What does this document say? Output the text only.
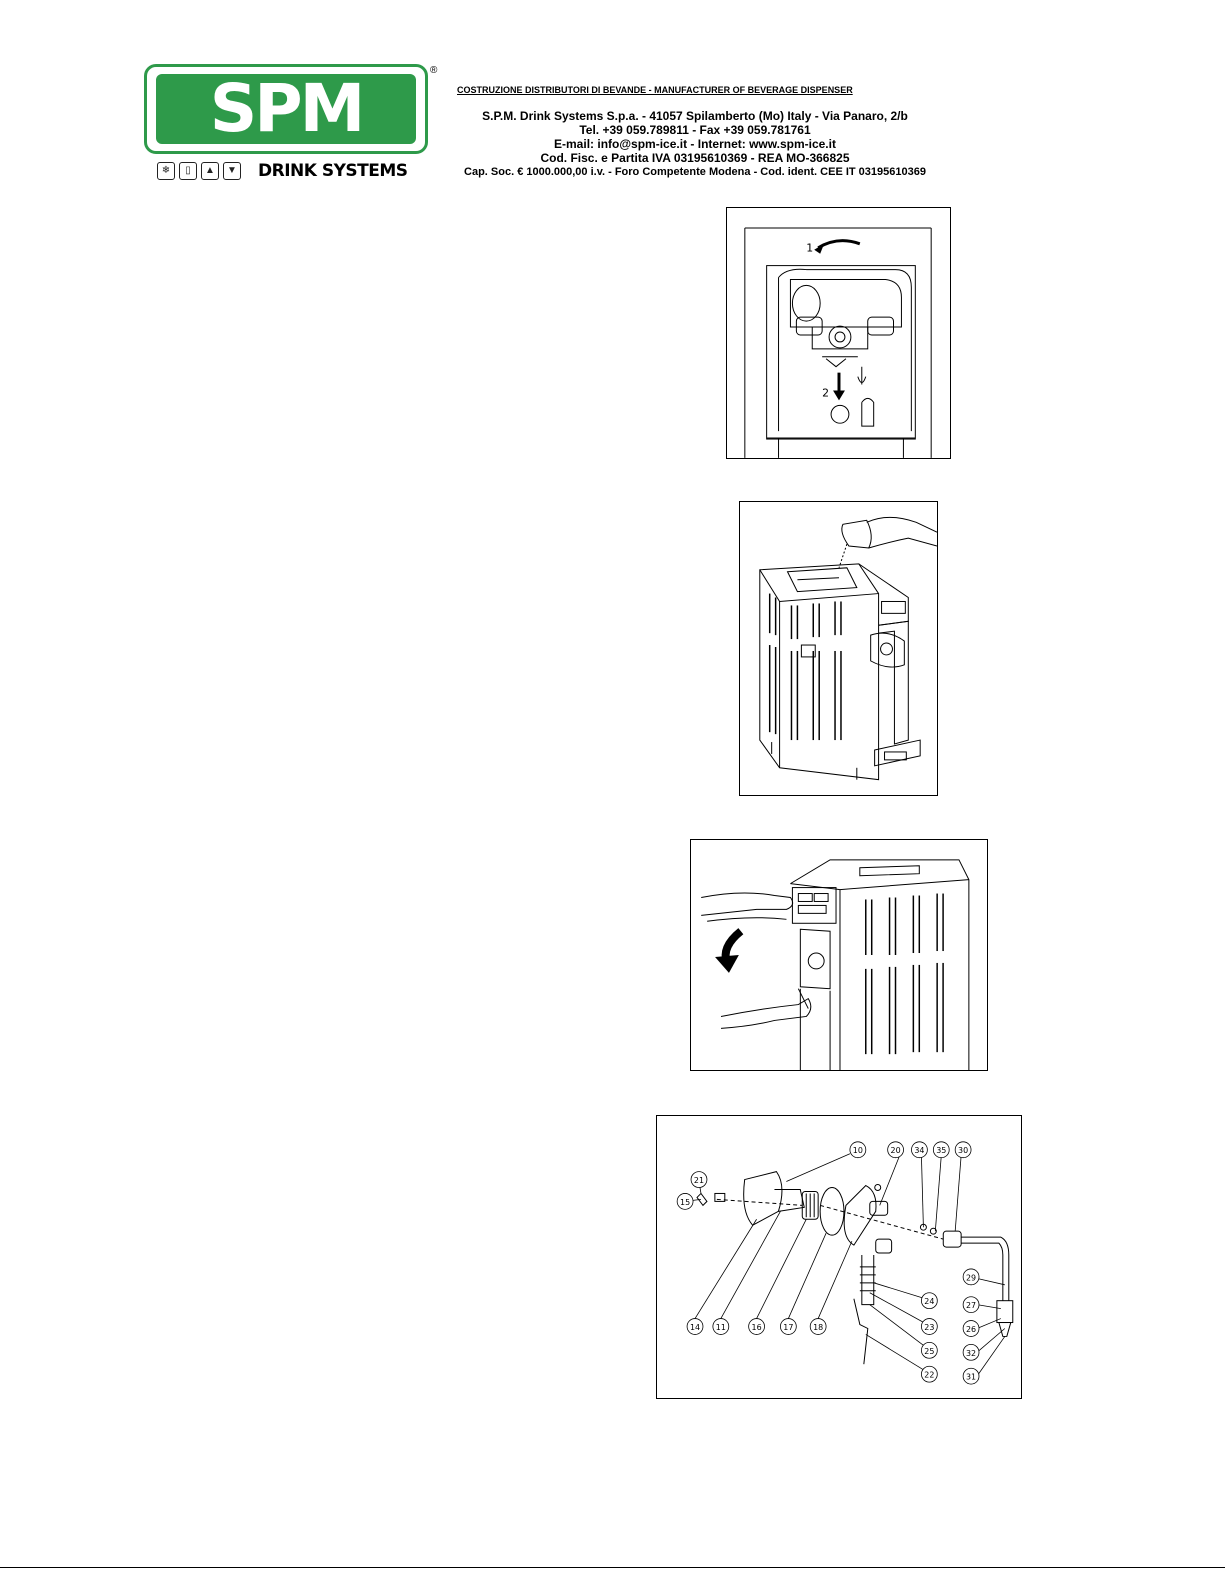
SPM	®
❄	▯	▲	▼ DRINK SYSTEMS
COSTRUZIONE DISTRIBUTORI DI BEVANDE - MANUFACTURER OF BEVERAGE DISPENSER
S.P.M. Drink Systems S.p.a. - 41057 Spilamberto (Mo) Italy - Via Panaro, 2/b
Tel. +39 059.789811 - Fax +39 059.781761
E-mail: info@spm-ice.it - Internet: www.spm-ice.it
Cod. Fisc. e Partita IVA 03195610369 - REA MO-366825
Cap. Soc. € 1000.000,00 i.v. - Foro Competente Modena - Cod. ident. CEE IT 03195610369
1
2
10	20 34 35 30
21
15
29
24	27
23	26
25	32
22	31
14 11	16	17 18
